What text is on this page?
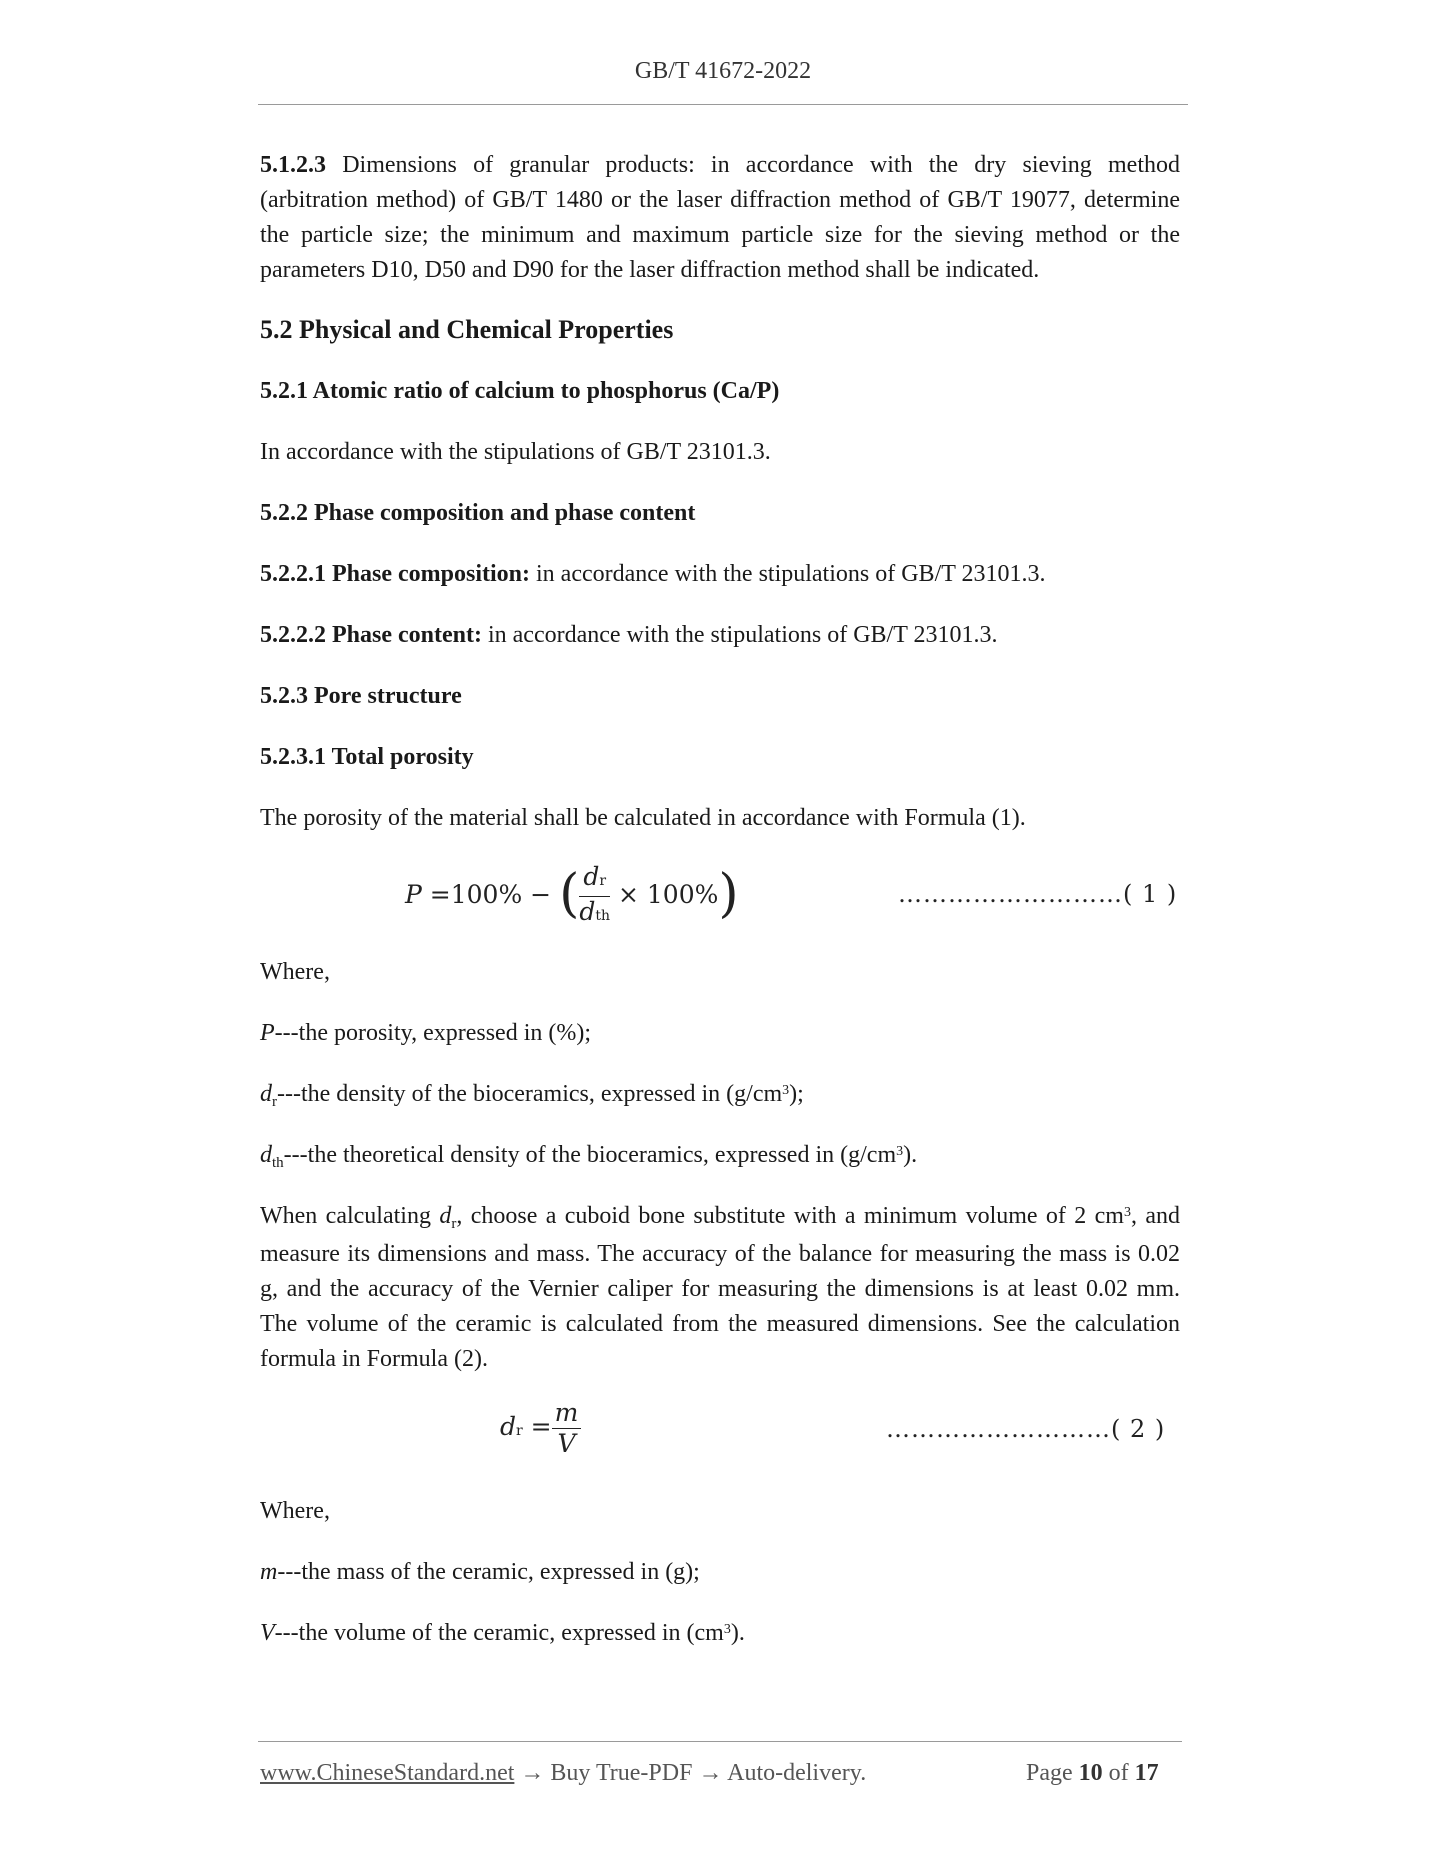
GB/T 41672-2022
5.1.2.3 Dimensions of granular products: in accordance with the dry sieving method (arbitration method) of GB/T 1480 or the laser diffraction method of GB/T 19077, determine the particle size; the minimum and maximum particle size for the sieving method or the parameters D10, D50 and D90 for the laser diffraction method shall be indicated.
5.2 Physical and Chemical Properties
5.2.1 Atomic ratio of calcium to phosphorus (Ca/P)
In accordance with the stipulations of GB/T 23101.3.
5.2.2 Phase composition and phase content
5.2.2.1 Phase composition: in accordance with the stipulations of GB/T 23101.3.
5.2.2.2 Phase content: in accordance with the stipulations of GB/T 23101.3.
5.2.3 Pore structure
5.2.3.1 Total porosity
The porosity of the material shall be calculated in accordance with Formula (1).
P =100% − ( $\frac{dr}{\text{dth}} \times 100\%$)	………………………( 1 )
Where,
P---the porosity, expressed in (%);
$d_r--$-the density of the bioceramics, expressed in $(g/cm^3)$;
$d_{th}--$-the theoretical density of the bioceramics, expressed in $(g/cm^3)$.
When calculating $d_r$, choose a cuboid bone substitute with a minimum volume of 2 $cm^3$, and measure its dimensions and mass. The accuracy of the balance for measuring the mass is 0.02 g, and the accuracy of the Vernier caliper for measuring the dimensions is at least 0.02 mm. The volume of the ceramic is calculated from the measured dimensions. See the calculation formula in Formula (2).
dr = $\frac{m}{V}$	………………………( 2 )
Where,
m---the mass of the ceramic, expressed in (g);
V---the volume of the ceramic, expressed in $(cm^3)$.
www.ChineseStandard.net → Buy True-PDF → Auto-delivery.	Page 10 of 17
